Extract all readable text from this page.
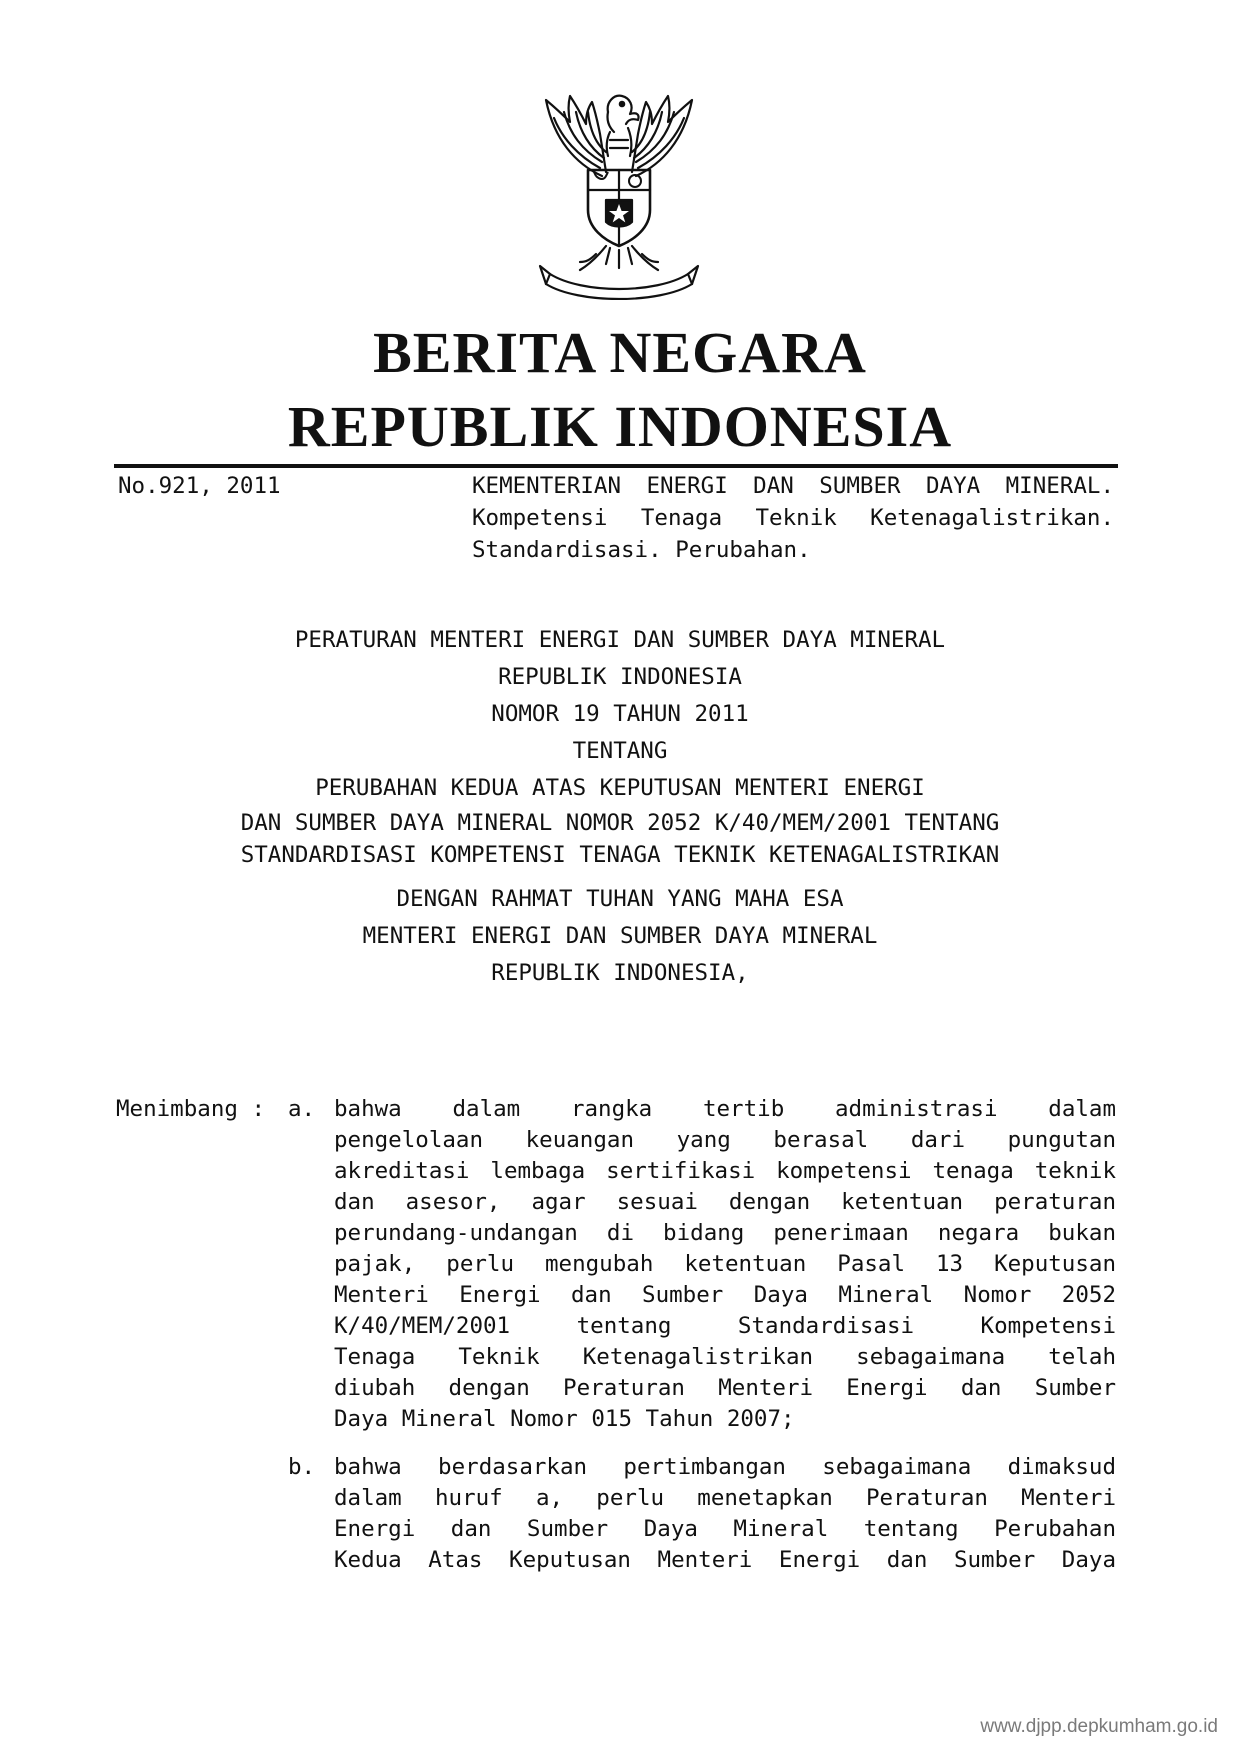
BERITA NEGARA
REPUBLIK INDONESIA
No.921, 2011	KEMENTERIAN ENERGI DAN SUMBER DAYA MINERAL. Kompetensi Tenaga Teknik Ketenagalistrikan. Standardisasi. Perubahan.
PERATURAN MENTERI ENERGI DAN SUMBER DAYA MINERAL
REPUBLIK INDONESIA
NOMOR 19 TAHUN 2011
TENTANG
PERUBAHAN KEDUA ATAS KEPUTUSAN MENTERI ENERGI
DAN SUMBER DAYA MINERAL NOMOR 2052 K/40/MEM/2001 TENTANG
STANDARDISASI KOMPETENSI TENAGA TEKNIK KETENAGALISTRIKAN
DENGAN RAHMAT TUHAN YANG MAHA ESA
MENTERI ENERGI DAN SUMBER DAYA MINERAL
REPUBLIK INDONESIA,
Menimbang : a. bahwa dalam rangka tertib administrasi dalam
pengelolaan keuangan yang berasal dari pungutan
akreditasi lembaga sertifikasi kompetensi tenaga teknik
dan asesor, agar sesuai dengan ketentuan peraturan
perundang-undangan di bidang penerimaan negara bukan
pajak, perlu mengubah ketentuan Pasal 13 Keputusan
Menteri Energi dan Sumber Daya Mineral Nomor 2052
K/40/MEM/2001 tentang Standardisasi Kompetensi
Tenaga Teknik Ketenagalistrikan sebagaimana telah
diubah dengan Peraturan Menteri Energi dan Sumber
Daya Mineral Nomor 015 Tahun 2007;
b. bahwa berdasarkan pertimbangan sebagaimana dimaksud
dalam huruf a, perlu menetapkan Peraturan Menteri
Energi dan Sumber Daya Mineral tentang Perubahan
Kedua Atas Keputusan Menteri Energi dan Sumber Daya
www.djpp.depkumham.go.id
